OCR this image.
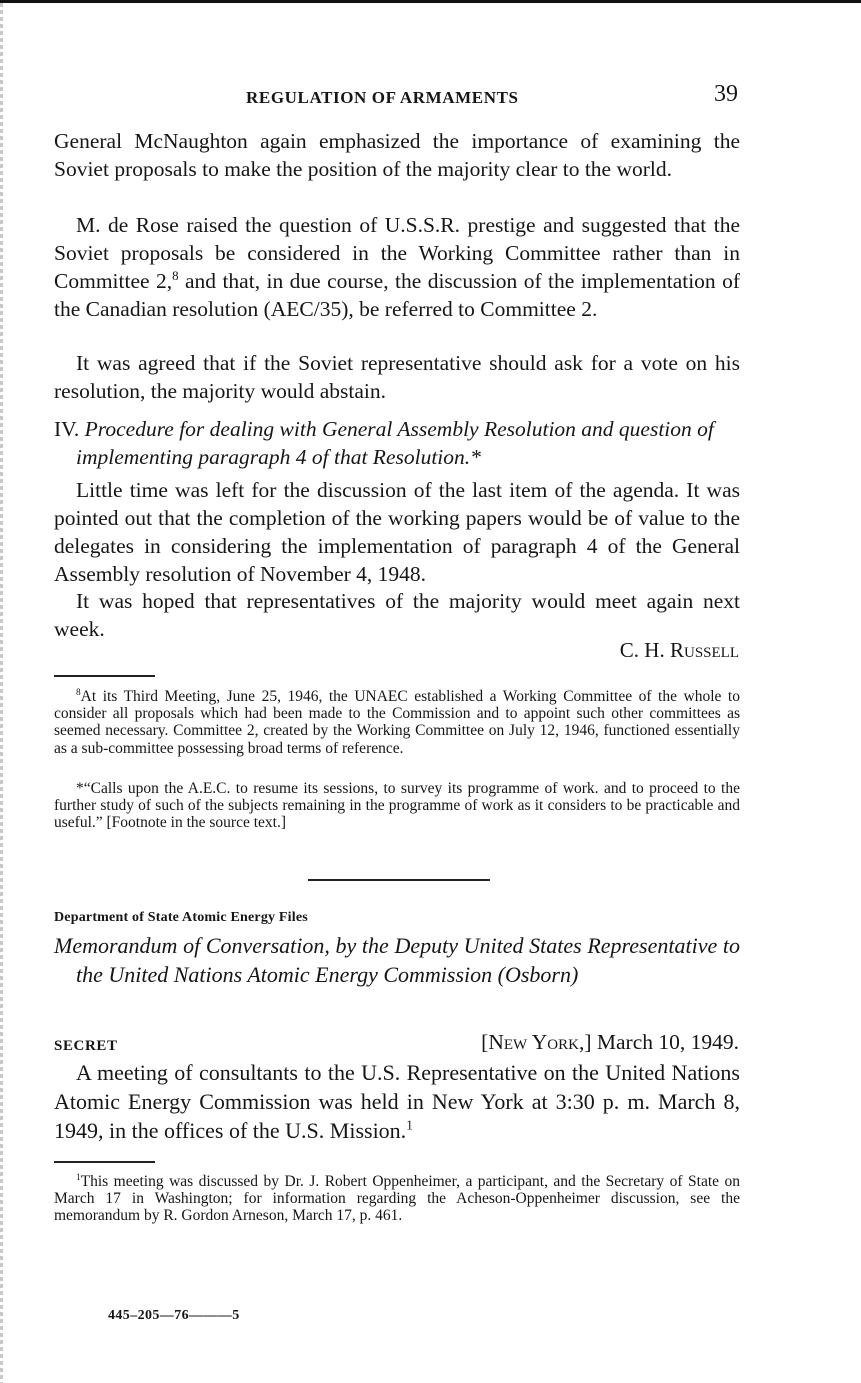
REGULATION OF ARMAMENTS	39

General McNaughton again emphasized the importance of examining the Soviet proposals to make the position of the majority clear to the world.

M. de Rose raised the question of U.S.S.R. prestige and suggested that the Soviet proposals be considered in the Working Committee rather than in Committee 2,$^8$ and that, in due course, the discussion of the implementation of the Canadian resolution (AEC/35), be referred to Committee 2.

It was agreed that if the Soviet representative should ask for a vote on his resolution, the majority would abstain.

IV. Procedure for dealing with General Assembly Resolution and question of implementing paragraph 4 of that Resolution.*

Little time was left for the discussion of the last item of the agenda. It was pointed out that the completion of the working papers would be of value to the delegates in considering the implementation of paragraph 4 of the General Assembly resolution of November 4, 1948.

It was hoped that representatives of the majority would meet again next week.

C. H. Russell

$^8$At its Third Meeting, June 25, 1946, the UNAEC established a Working Committee of the whole to consider all proposals which had been made to the Commission and to appoint such other committees as seemed necessary. Committee 2, created by the Working Committee on July 12, 1946, functioned essentially as a sub-committee possessing broad terms of reference.

*“Calls upon the A.E.C. to resume its sessions, to survey its programme of work. and to proceed to the further study of such of the subjects remaining in the programme of work as it considers to be practicable and useful.” [Footnote in the source text.]

Department of State Atomic Energy Files

Memorandum of Conversation, by the Deputy United States Representative to the United Nations Atomic Energy Commission (Osborn)

SECRET	[New York,] March 10, 1949.

A meeting of consultants to the U.S. Representative on the United Nations Atomic Energy Commission was held in New York at 3:30 p. m. March 8, 1949, in the offices of the U.S. Mission.$^1$

$^1$This meeting was discussed by Dr. J. Robert Oppenheimer, a participant, and the Secretary of State on March 17 in Washington; for information regarding the Acheson-Oppenheimer discussion, see the memorandum by R. Gordon Arneson, March 17, p. 461.

445–205—76———5
